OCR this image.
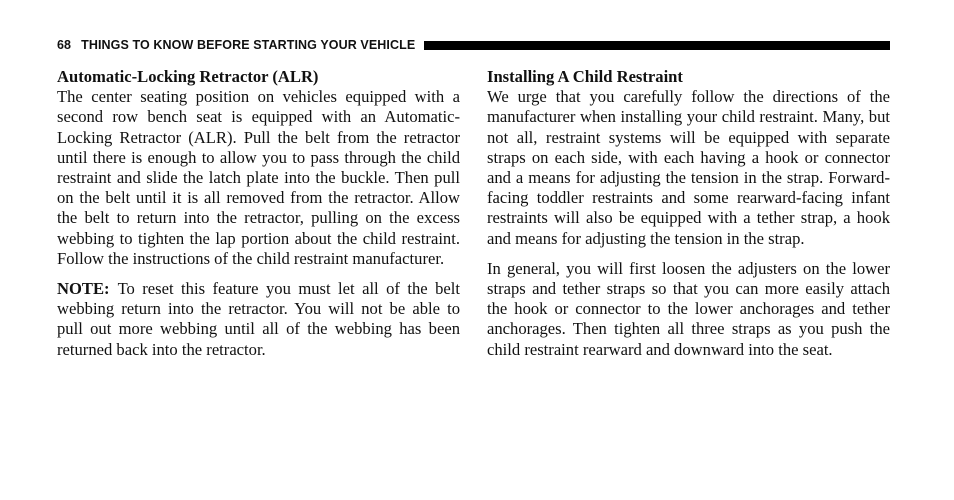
68 THINGS TO KNOW BEFORE STARTING YOUR VEHICLE

Automatic-Locking Retractor (ALR)

The center seating position on vehicles equipped with a second row bench seat is equipped with an Automatic-Locking Retractor (ALR). Pull the belt from the retractor until there is enough to allow you to pass through the child restraint and slide the latch plate into the buckle. Then pull on the belt until it is all removed from the retractor. Allow the belt to return into the retractor, pulling on the excess webbing to tighten the lap portion about the child restraint. Follow the instructions of the child restraint manufacturer.

NOTE: To reset this feature you must let all of the belt webbing return into the retractor. You will not be able to pull out more webbing until all of the webbing has been returned back into the retractor.

Installing A Child Restraint

We urge that you carefully follow the directions of the manufacturer when installing your child restraint. Many, but not all, restraint systems will be equipped with separate straps on each side, with each having a hook or connector and a means for adjusting the tension in the strap. Forward-facing toddler restraints and some rearward-facing infant restraints will also be equipped with a tether strap, a hook and means for adjusting the tension in the strap.

In general, you will first loosen the adjusters on the lower straps and tether straps so that you can more easily attach the hook or connector to the lower anchorages and tether anchorages. Then tighten all three straps as you push the child restraint rearward and downward into the seat.
